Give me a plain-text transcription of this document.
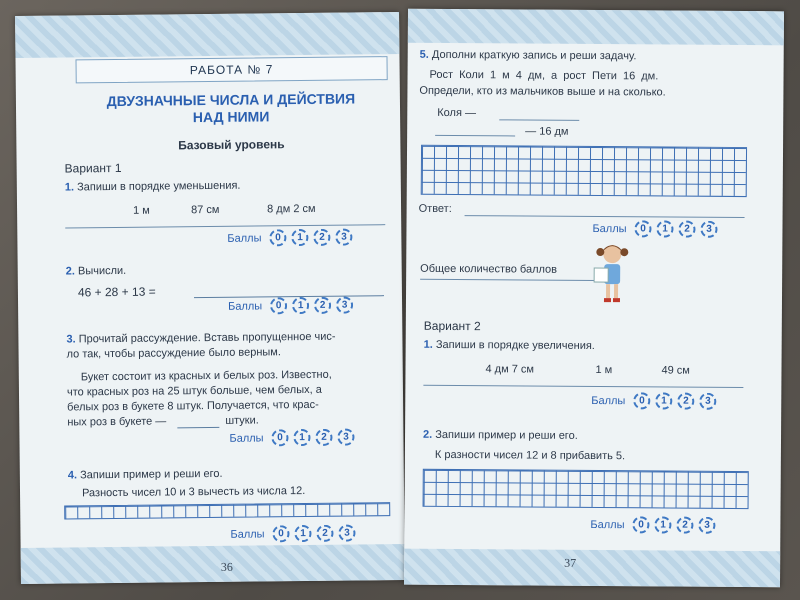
РАБОТА № 7
ДВУЗНАЧНЫЕ ЧИСЛА И ДЕЙСТВИЯ
НАД НИМИ
Базовый уровень
Вариант 1
1. Запиши в порядке уменьшения.
1 м	87 см	8 дм 2 см
Баллы	0	1	2	3
2. Вычисли.
46 + 28 + 13 =
Баллы	0	1	2	3
3. Прочитай рассуждение. Вставь пропущенное чис-
ло так, чтобы рассуждение было верным.
Букет состоит из красных и белых роз. Известно,
что красных роз на 25 штук больше, чем белых, а
белых роз в букете 8 штук. Получается, что крас-
ных роз в букете —	штуки.
Баллы	0	1	2	3
4. Запиши пример и реши его.
Разность чисел 10 и 3 вычесть из числа 12.
Баллы	0	1	2	3
36
5. Дополни краткую запись и реши задачу.
Рост Коли 1 м 4 дм, а рост Пети 16 дм.
Определи, кто из мальчиков выше и на сколько.
Коля —
— 16 дм
Ответ:
Баллы	0	1	2	3
Общее количество баллов
Вариант 2
1. Запиши в порядке увеличения.
4 дм 7 см	1 м	49 см
Баллы	0	1	2	3
2. Запиши пример и реши его.
К разности чисел 12 и 8 прибавить 5.
Баллы	0	1	2	3
37
